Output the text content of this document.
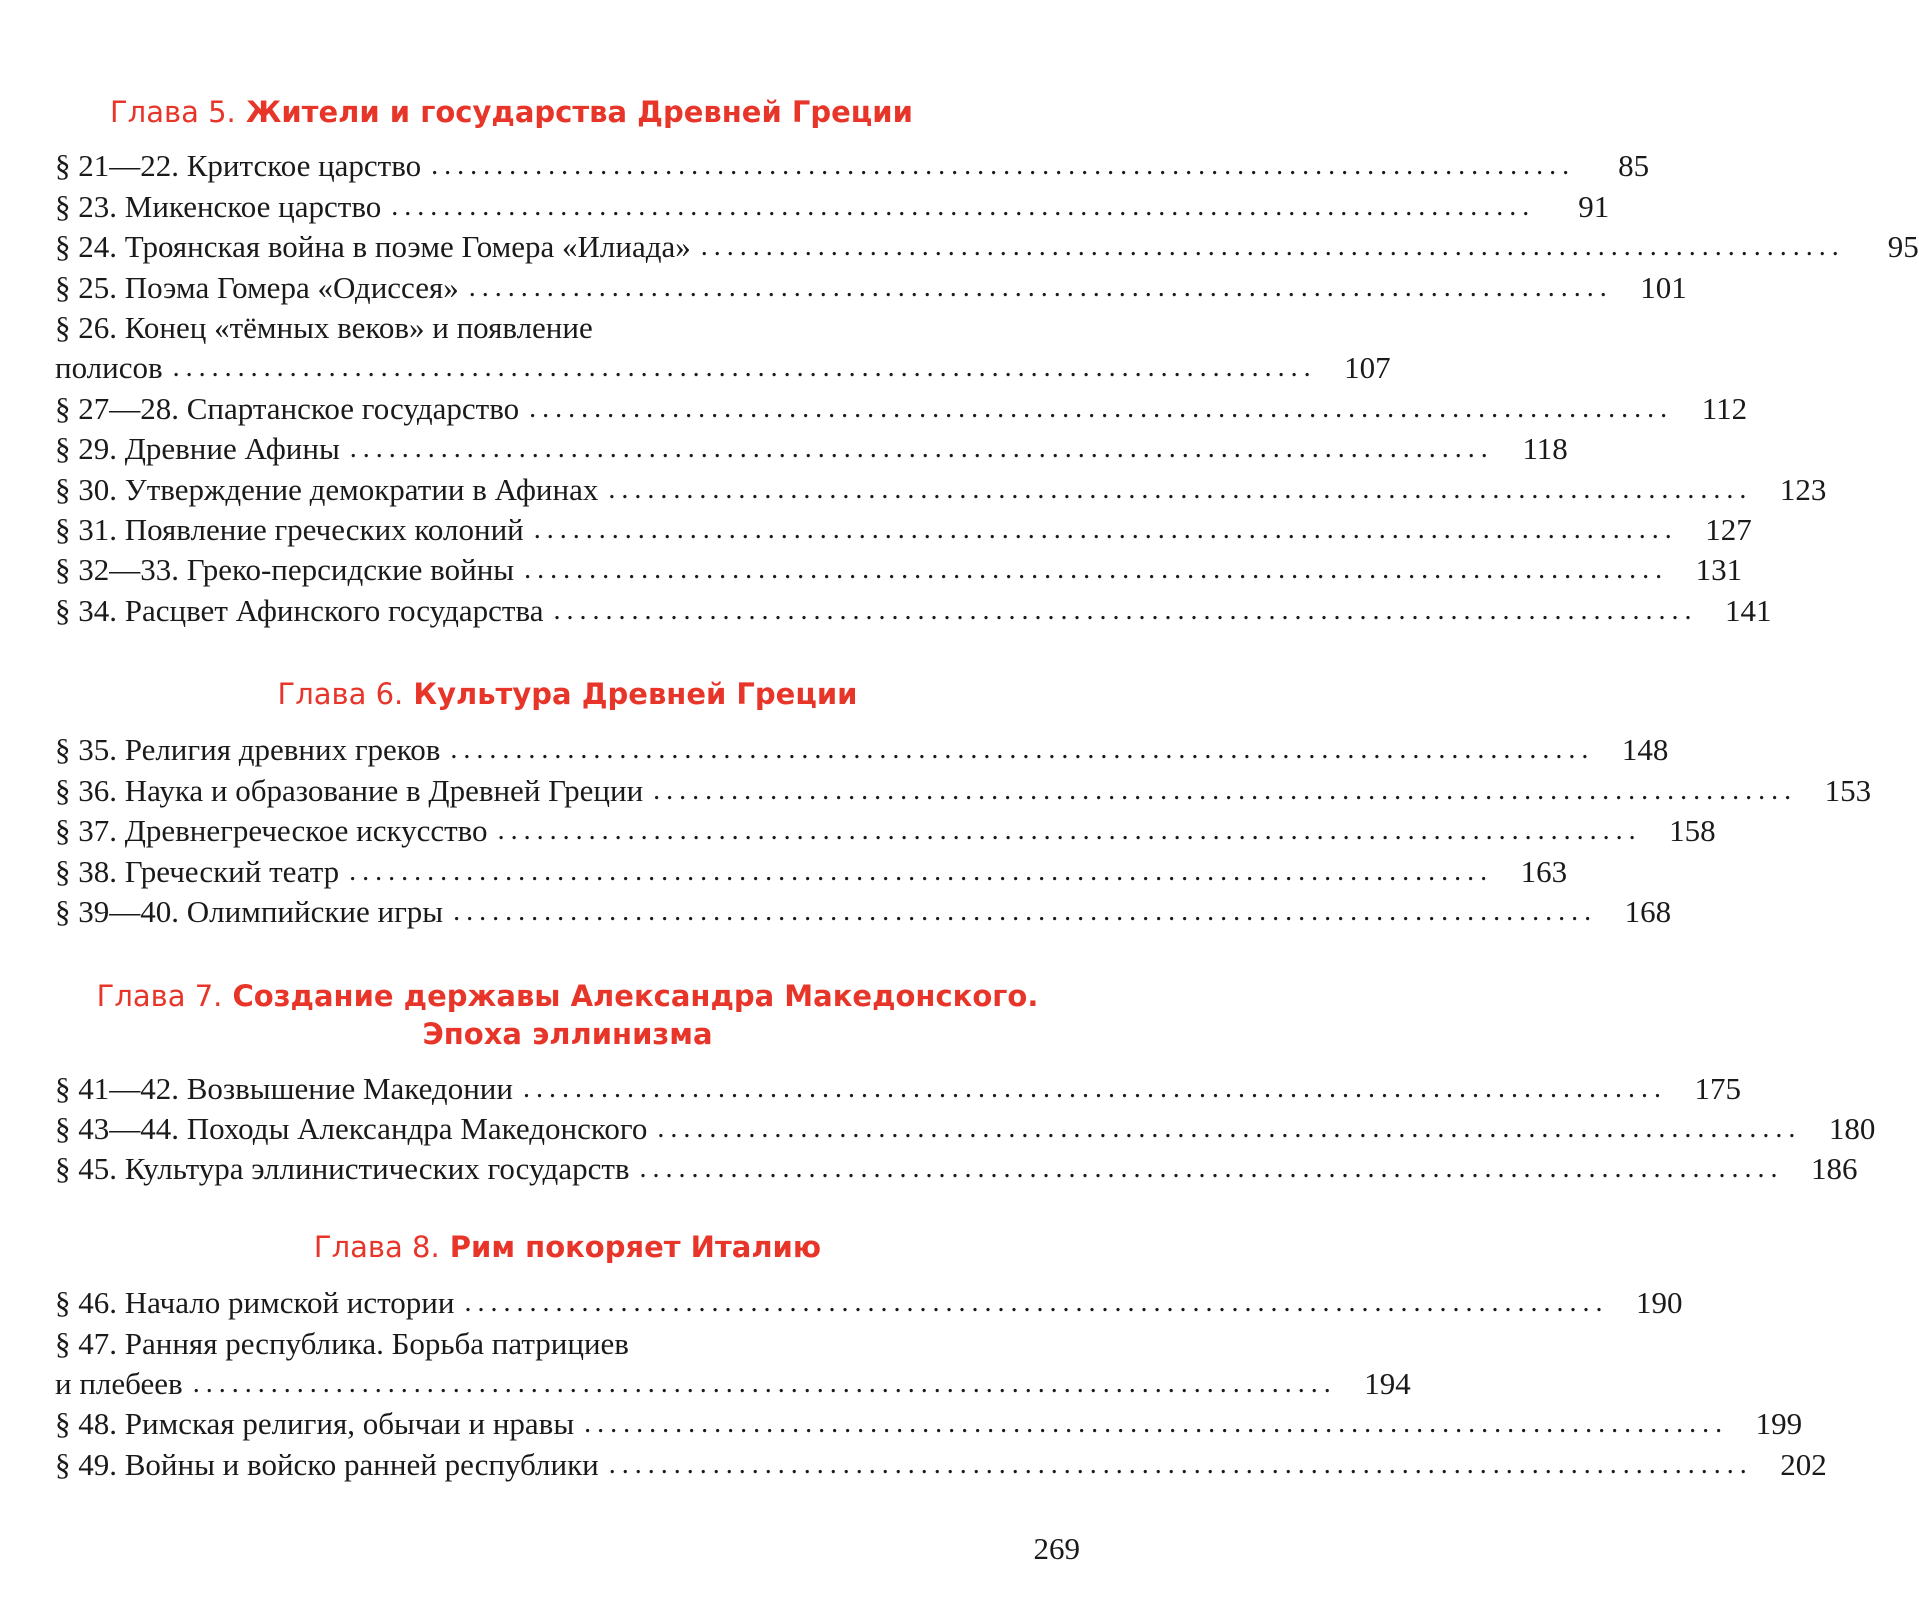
Глава 5. Жители и государства Древней Греции
§ 21—22. Критское царство ........................................................................................	85
§ 23. Микенское царство ........................................................................................	91
§ 24. Троянская война в поэме Гомера «Илиада» ........................................................................................	95
§ 25. Поэма Гомера «Одиссея» ........................................................................................ 101
§ 26. Конец «тёмных веков» и появление
полисов ........................................................................................ 107
§ 27—28. Спартанское государство ........................................................................................ 112
§ 29. Древние Афины ........................................................................................ 118
§ 30. Утверждение демократии в Афинах ........................................................................................ 123
§ 31. Появление греческих колоний ........................................................................................ 127
§ 32—33. Греко-персидские войны ........................................................................................ 131
§ 34. Расцвет Афинского государства ........................................................................................ 141
Глава 6. Культура Древней Греции
§ 35. Религия древних греков ........................................................................................ 148
§ 36. Наука и образование в Древней Греции ........................................................................................ 153
§ 37. Древнегреческое искусство ........................................................................................ 158
§ 38. Греческий театр ........................................................................................ 163
§ 39—40. Олимпийские игры ........................................................................................ 168
Глава 7. Создание державы Александра Македонского. Эпоха эллинизма
§ 41—42. Возвышение Македонии ........................................................................................ 175
§ 43—44. Походы Александра Македонского ........................................................................................ 180
§ 45. Культура эллинистических государств ........................................................................................ 186
Глава 8. Рим покоряет Италию
§ 46. Начало римской истории ........................................................................................ 190
§ 47. Ранняя республика. Борьба патрициев
и плебеев ........................................................................................ 194
§ 48. Римская религия, обычаи и нравы ........................................................................................ 199
§ 49. Войны и войско ранней республики ........................................................................................ 202
269
